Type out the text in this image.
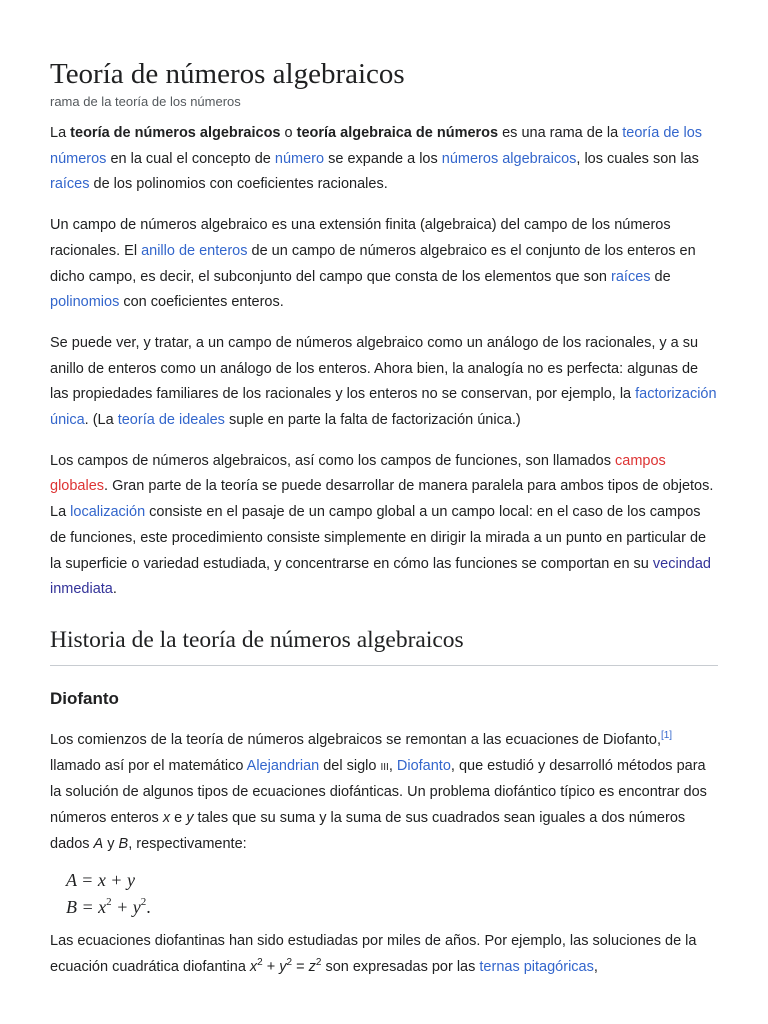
Teoría de números algebraicos
rama de la teoría de los números

La teoría de números algebraicos o teoría algebraica de números es una rama de la teoría de los números en la cual el concepto de número se expande a los números algebraicos, los cuales son las raíces de los polinomios con coeficientes racionales.

Un campo de números algebraico es una extensión finita (algebraica) del campo de los números racionales. El anillo de enteros de un campo de números algebraico es el conjunto de los enteros en dicho campo, es decir, el subconjunto del campo que consta de los elementos que son raíces de polinomios con coeficientes enteros.

Se puede ver, y tratar, a un campo de números algebraico como un análogo de los racionales, y a su anillo de enteros como un análogo de los enteros. Ahora bien, la analogía no es perfecta: algunas de las propiedades familiares de los racionales y los enteros no se conservan, por ejemplo, la factorización única. (La teoría de ideales suple en parte la falta de factorización única.)

Los campos de números algebraicos, así como los campos de funciones, son llamados campos globales. Gran parte de la teoría se puede desarrollar de manera paralela para ambos tipos de objetos. La localización consiste en el pasaje de un campo global a un campo local: en el caso de los campos de funciones, este procedimiento consiste simplemente en dirigir la mirada a un punto en particular de la superficie o variedad estudiada, y concentrarse en cómo las funciones se comportan en su vecindad inmediata.

Historia de la teoría de números algebraicos
Diofanto

Los comienzos de la teoría de números algebraicos se remontan a las ecuaciones de Diofanto,[1] llamado así por el matemático Alejandrian del siglo III, Diofanto, que estudió y desarrolló métodos para la solución de algunos tipos de ecuaciones diofánticas. Un problema diofántico típico es encontrar dos números enteros x e y tales que su suma y la suma de sus cuadrados sean iguales a dos números dados A y B, respectivamente:

A = x + y
$B = x^2 + y^2$.

Las ecuaciones diofantinas han sido estudiadas por miles de años. Por ejemplo, las soluciones de la ecuación cuadrática diofantina $x^2 + y^2 = z^2$ son expresadas por las ternas pitagóricas,
